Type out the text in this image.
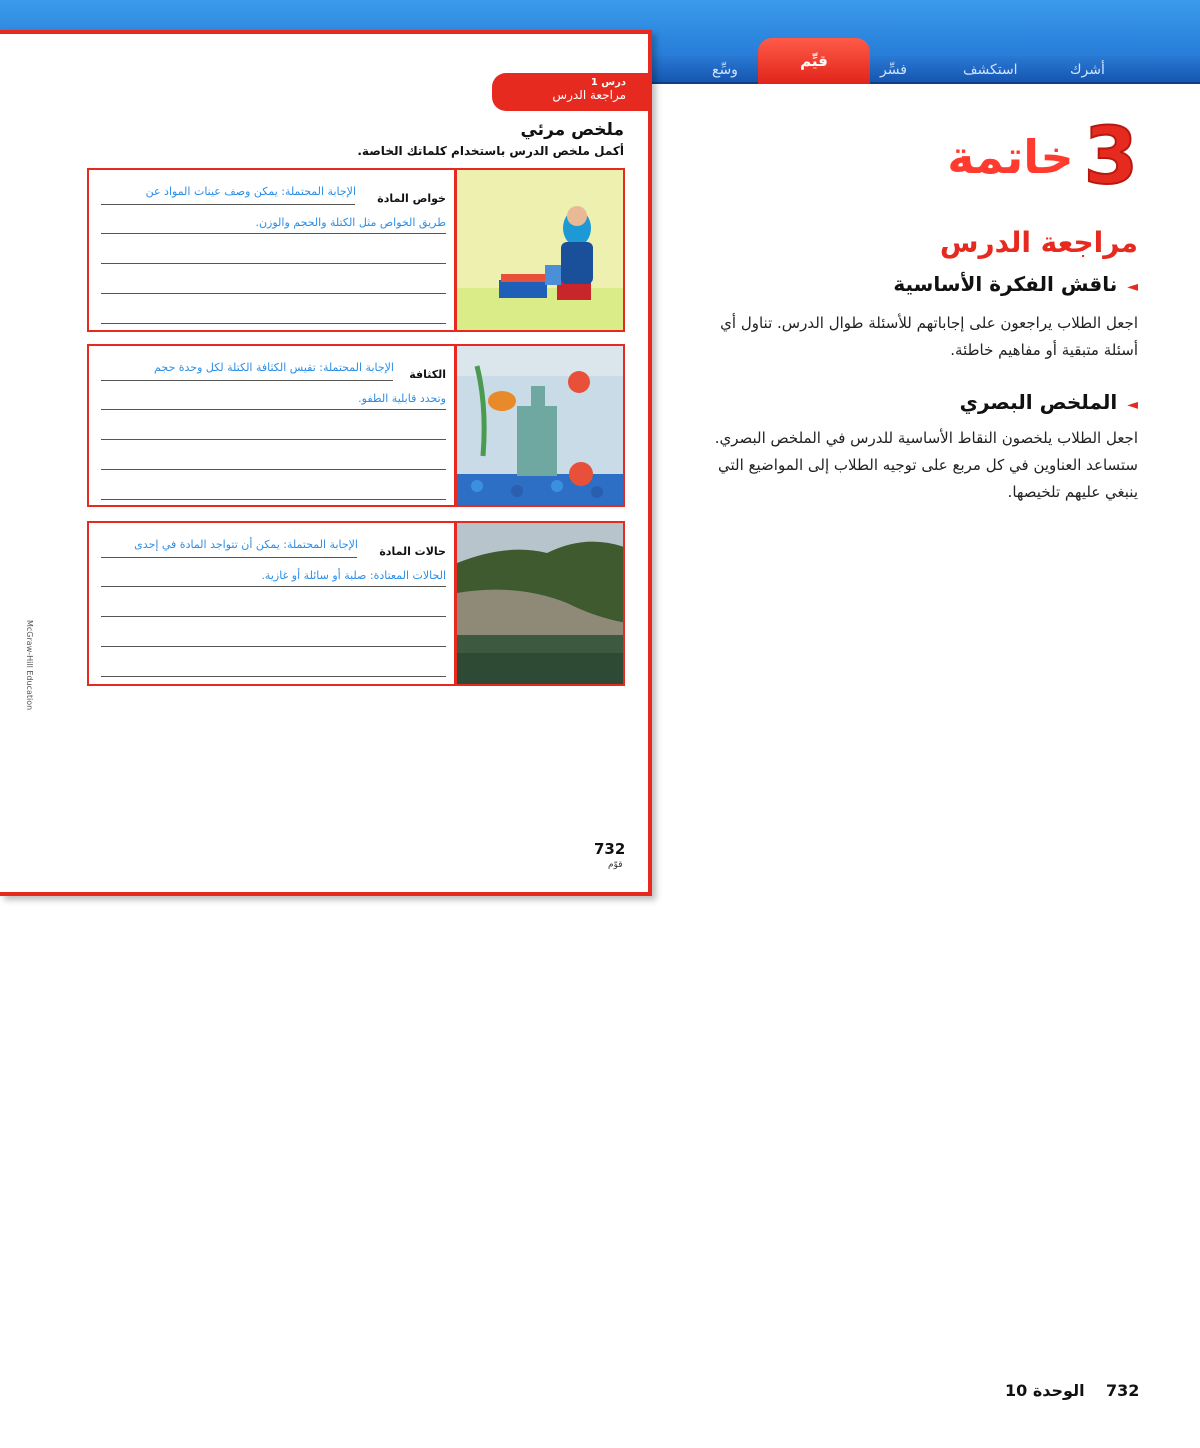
وسِّع	قيِّم	فسِّر	استكشف	أشرك
درس 1
مراجعة الدرس
ملخص مرئي
أكمل ملخص الدرس باستخدام كلماتك الخاصة.
خواص المادة
الإجابة المحتملة: يمكن وصف عينات المواد عن
طريق الخواص مثل الكتلة والحجم والوزن.
الكثافة
الإجابة المحتملة: تقيس الكثافة الكتلة لكل وحدة حجم
وتحدد قابلية الطفو.
حالات المادة
الإجابة المحتملة: يمكن أن تتواجد المادة في إحدى
الحالات المعتادة: صلبة أو سائلة أو غازية.
732
قوّم
McGraw-Hill Education
3
خاتمة
مراجعة الدرس
◄ناقش الفكرة الأساسية
اجعل الطلاب يراجعون على إجاباتهم للأسئلة طوال الدرس. تناول أي أسئلة متبقية أو مفاهيم خاطئة.
◄الملخص البصري
اجعل الطلاب يلخصون النقاط الأساسية للدرس في الملخص البصري. ستساعد العناوين في كل مربع على توجيه الطلاب إلى المواضيع التي ينبغي عليهم تلخيصها.
الوحدة 10 732
